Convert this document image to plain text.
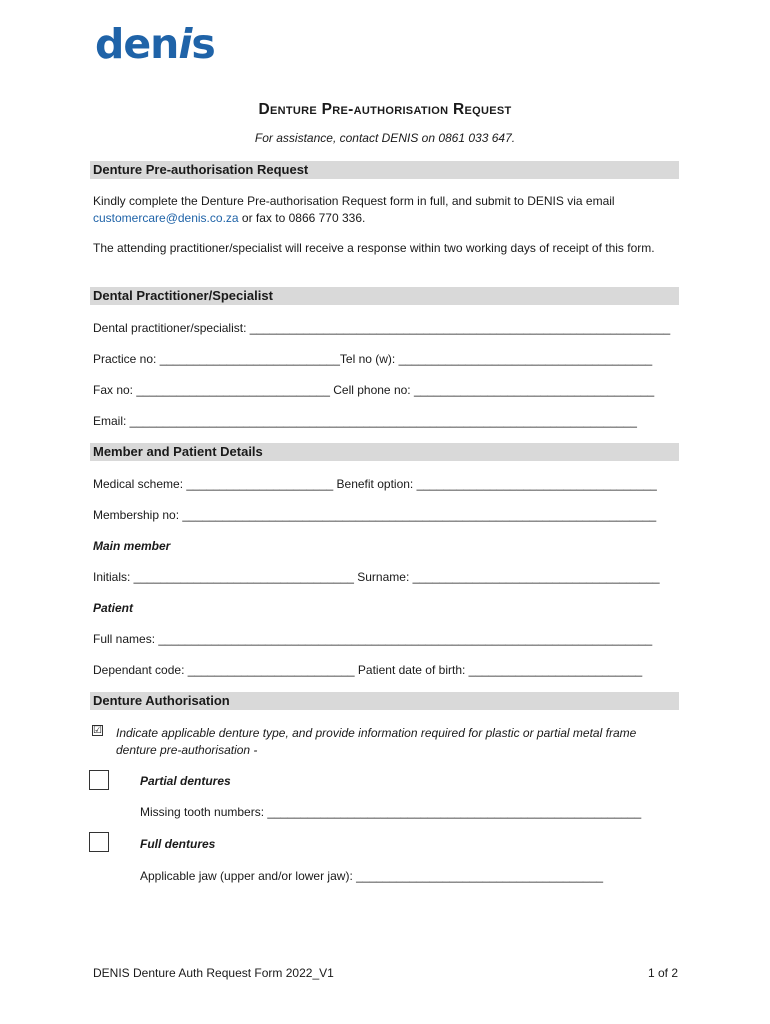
denis
Denture Pre-authorisation Request
For assistance, contact DENIS on 0861 033 647.
Denture Pre-authorisation Request
Kindly complete the Denture Pre-authorisation Request form in full, and submit to DENIS via email customercare@denis.co.za or fax to 0866 770 336.
The attending practitioner/specialist will receive a response within two working days of receipt of this form.
Dental Practitioner/Specialist
Dental practitioner/specialist: _______________________________________________________________
Practice no: ___________________________Tel no (w): ______________________________________
Fax no: _____________________________ Cell phone no: ____________________________________
Email: ____________________________________________________________________________
Member and Patient Details
Medical scheme: ______________________ Benefit option: ____________________________________
Membership no: _______________________________________________________________________
Main member
Initials: _________________________________ Surname: _____________________________________
Patient
Full names: __________________________________________________________________________
Dependant code: _________________________ Patient date of birth: __________________________
Denture Authorisation
☑ Indicate applicable denture type, and provide information required for plastic or partial metal frame denture pre-authorisation -
Partial dentures
Missing tooth numbers: ________________________________________________________
Full dentures
Applicable jaw (upper and/or lower jaw): _____________________________________
DENIS Denture Auth Request Form 2022_V1	1 of 2
